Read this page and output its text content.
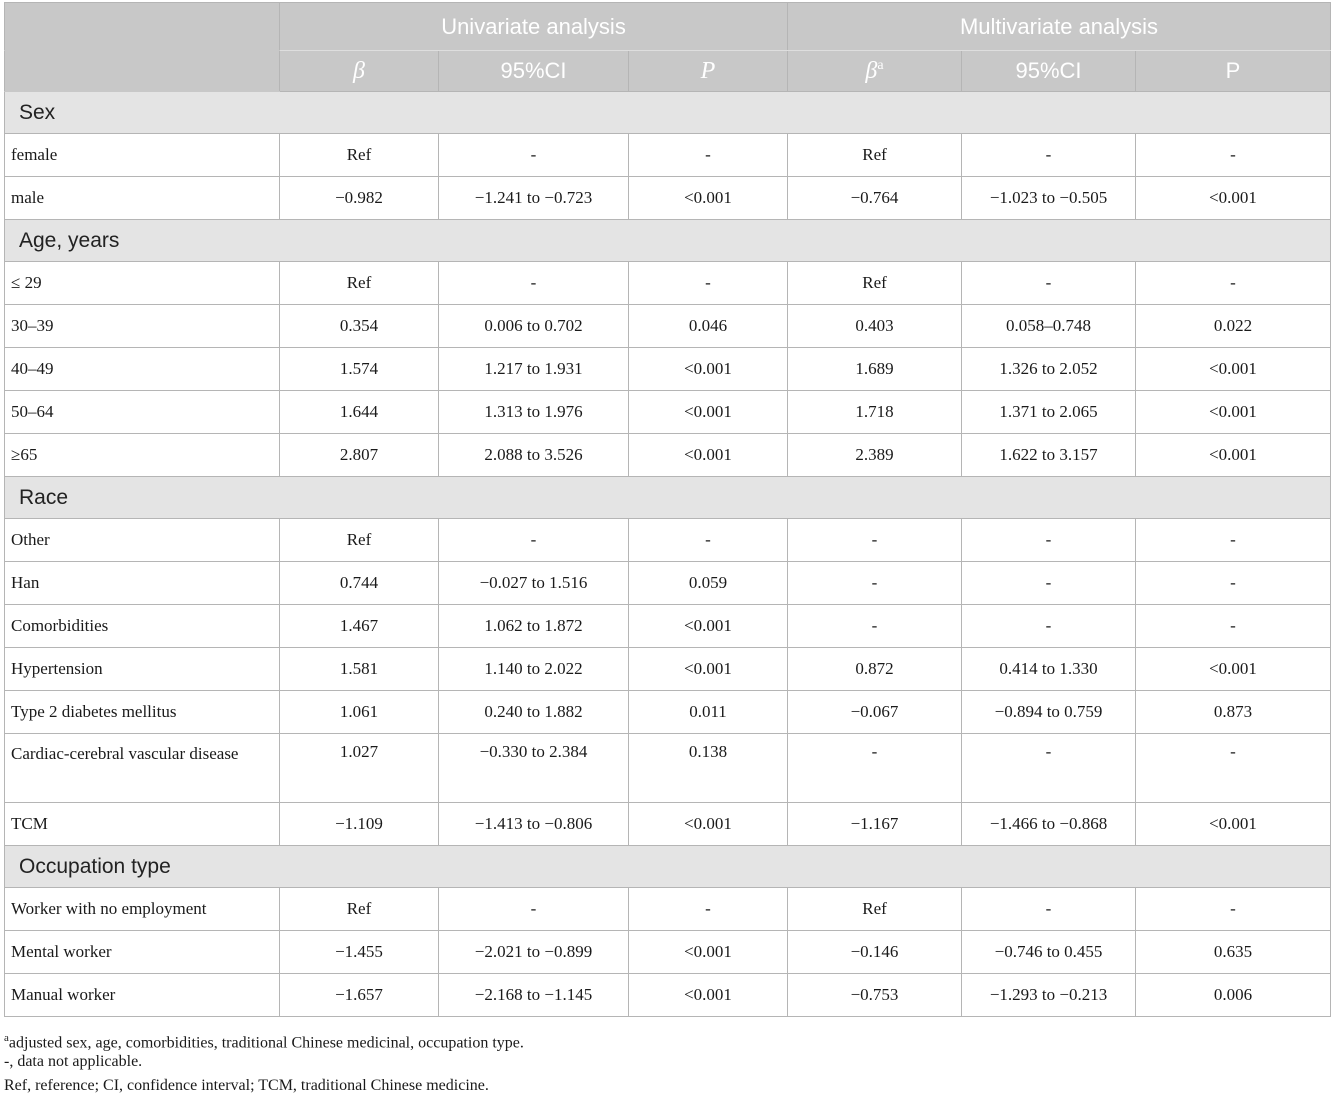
	Univariate analysis			Multivariate analysis		
	β	95%CI	P	$\beta^a$	95%CI	P
Sex						
female	Ref	-	-	Ref	-	-
male	−0.982	−1.241 to −0.723	<0.001	−0.764	−1.023 to −0.505	<0.001
Age, years						
≤ 29	Ref	-	-	Ref	-	-
30–39	0.354	0.006 to 0.702	0.046	0.403	0.058–0.748	0.022
40–49	1.574	1.217 to 1.931	<0.001	1.689	1.326 to 2.052	<0.001
50–64	1.644	1.313 to 1.976	<0.001	1.718	1.371 to 2.065	<0.001
≥65	2.807	2.088 to 3.526	<0.001	2.389	1.622 to 3.157	<0.001
Race						
Other	Ref	-	-	-	-	-
Han	0.744	−0.027 to 1.516	0.059	-	-	-
Comorbidities	1.467	1.062 to 1.872	<0.001	-	-	-
Hypertension	1.581	1.140 to 2.022	<0.001	0.872	0.414 to 1.330	<0.001
Type 2 diabetes mellitus	1.061	0.240 to 1.882	0.011	−0.067	−0.894 to 0.759	0.873
Cardiac-cerebral vascular disease	1.027	−0.330 to 2.384	0.138	-	-	-
TCM	−1.109	−1.413 to −0.806	<0.001	−1.167	−1.466 to −0.868	<0.001
Occupation type						
Worker with no employment	Ref	-	-	Ref	-	-
Mental worker	−1.455	−2.021 to −0.899	<0.001	−0.146	−0.746 to 0.455	0.635
Manual worker	−1.657	−2.168 to −1.145	<0.001	−0.753	−1.293 to −0.213	0.006
$^a$adjusted sex, age, comorbidities, traditional Chinese medicinal, occupation type.
-, data not applicable.
Ref, reference; CI, confidence interval; TCM, traditional Chinese medicine.
